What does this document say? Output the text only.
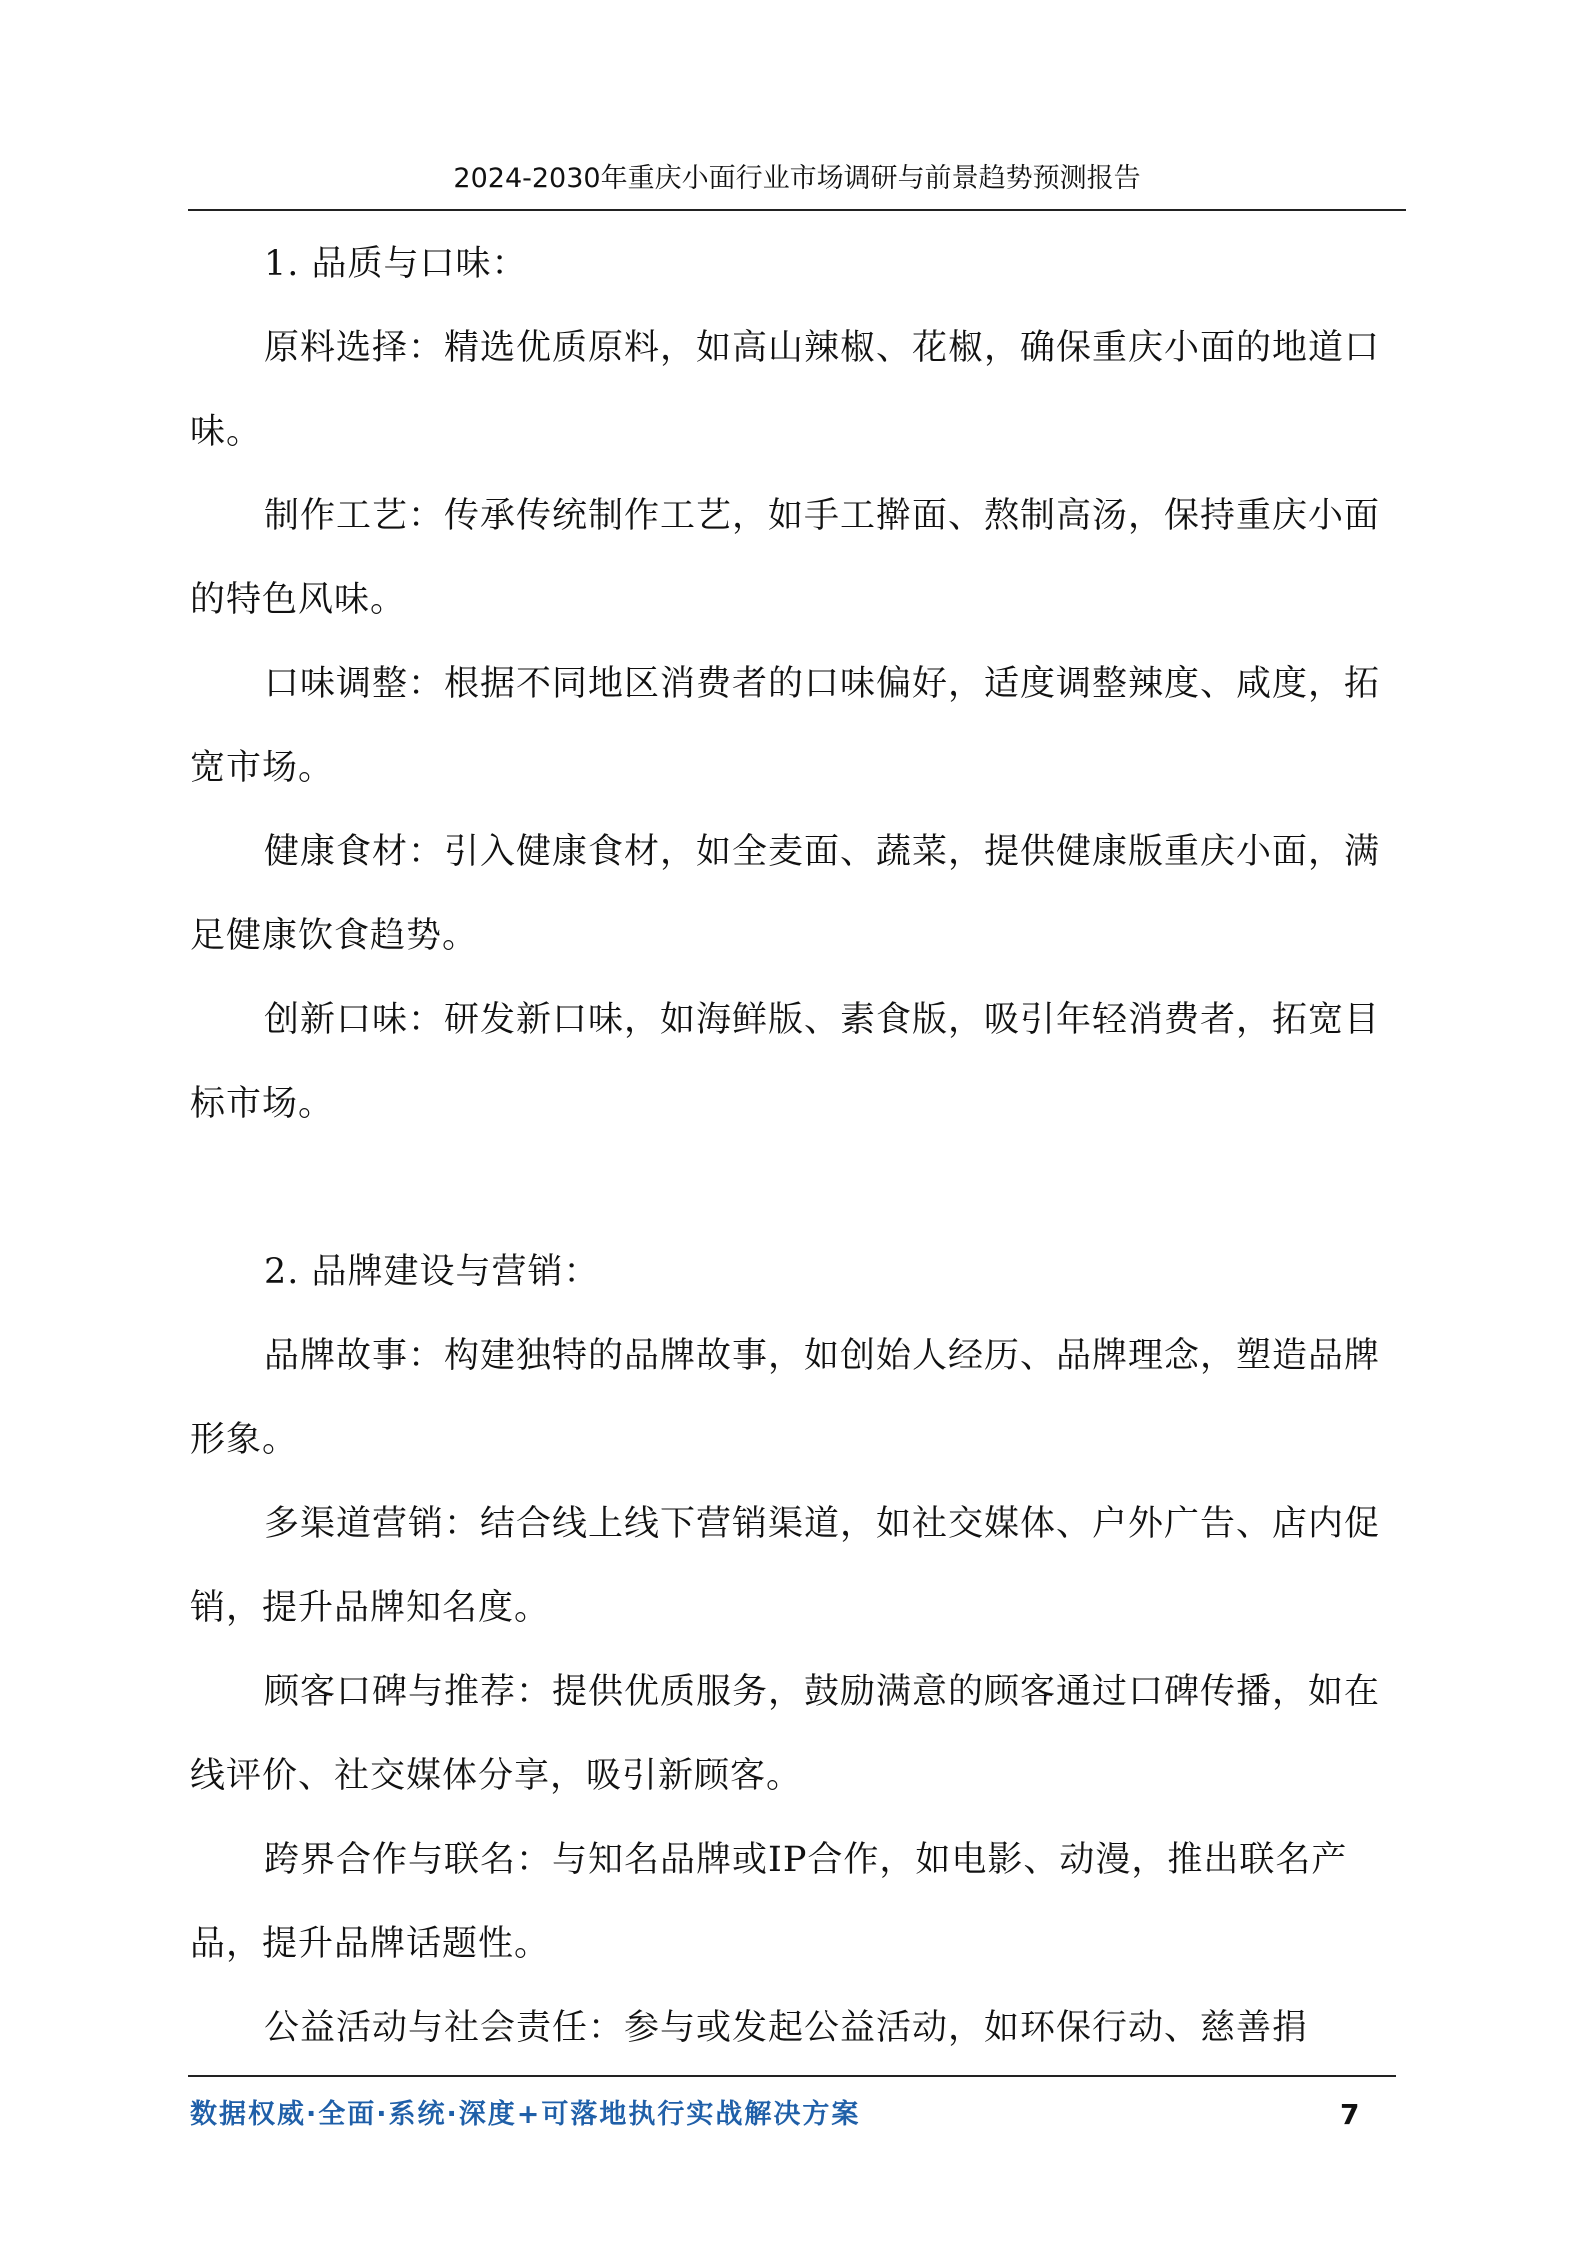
2024-2030年重庆小面行业市场调研与前景趋势预测报告

1. 品质与口味：

原料选择：精选优质原料，如高山辣椒、花椒，确保重庆小面的地道口味。

制作工艺：传承传统制作工艺，如手工擀面、熬制高汤，保持重庆小面的特色风味。

口味调整：根据不同地区消费者的口味偏好，适度调整辣度、咸度，拓宽市场。

健康食材：引入健康食材，如全麦面、蔬菜，提供健康版重庆小面，满足健康饮食趋势。

创新口味：研发新口味，如海鲜版、素食版，吸引年轻消费者，拓宽目标市场。

2. 品牌建设与营销：

品牌故事：构建独特的品牌故事，如创始人经历、品牌理念，塑造品牌形象。

多渠道营销：结合线上线下营销渠道，如社交媒体、户外广告、店内促销，提升品牌知名度。

顾客口碑与推荐：提供优质服务，鼓励满意的顾客通过口碑传播，如在线评价、社交媒体分享，吸引新顾客。

跨界合作与联名：与知名品牌或IP合作，如电影、动漫，推出联名产品，提升品牌话题性。

公益活动与社会责任：参与或发起公益活动，如环保行动、慈善捐

数据权威·全面·系统·深度+可落地执行实战解决方案	7
